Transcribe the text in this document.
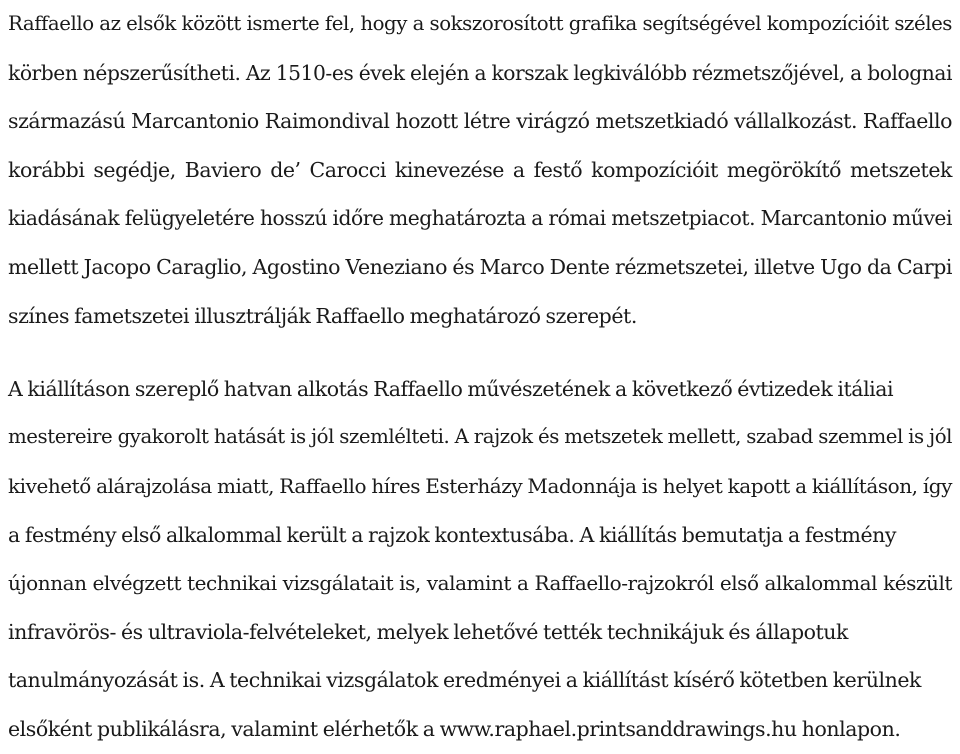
Raffaello az elsők között ismerte fel, hogy a sokszorosított grafika segítségével kompozícióit széles
körben népszerűsítheti. Az 1510-es évek elején a korszak legkiválóbb rézmetszőjével, a bolognai
származású Marcantonio Raimondival hozott létre virágzó metszetkiadó vállalkozást. Raffaello
korábbi segédje, Baviero de’ Carocci kinevezése a festő kompozícióit megörökítő metszetek
kiadásának felügyeletére hosszú időre meghatározta a római metszetpiacot. Marcantonio művei
mellett Jacopo Caraglio, Agostino Veneziano és Marco Dente rézmetszetei, illetve Ugo da Carpi
színes fametszetei illusztrálják Raffaello meghatározó szerepét.
A kiállításon szereplő hatvan alkotás Raffaello művészetének a következő évtizedek itáliai
mestereire gyakorolt hatását is jól szemlélteti. A rajzok és metszetek mellett, szabad szemmel is jól
kivehető alárajzolása miatt, Raffaello híres Esterházy Madonnája is helyet kapott a kiállításon, így
a festmény első alkalommal került a rajzok kontextusába. A kiállítás bemutatja a festmény
újonnan elvégzett technikai vizsgálatait is, valamint a Raffaello-rajzokról első alkalommal készült
infravörös- és ultraviola-felvételeket, melyek lehetővé tették technikájuk és állapotuk
tanulmányozását is. A technikai vizsgálatok eredményei a kiállítást kísérő kötetben kerülnek
elsőként publikálásra, valamint elérhetők a www.raphael.printsanddrawings.hu honlapon.
